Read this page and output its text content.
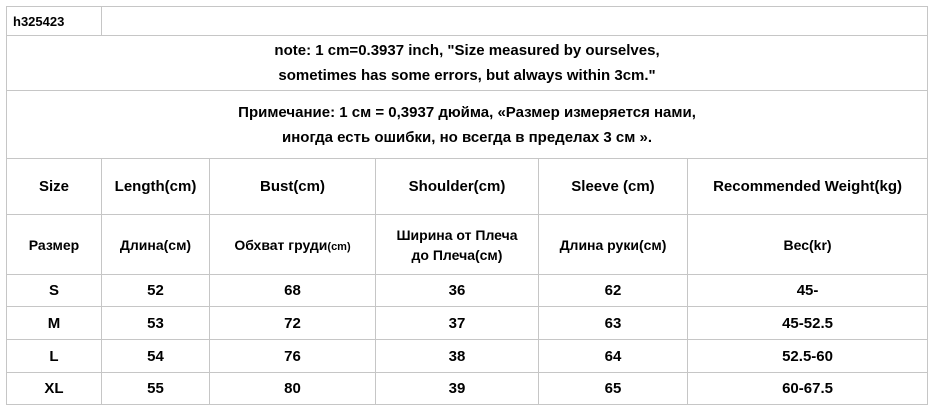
h325423					

note: 1 cm=0.3937 inch, "Size measured by ourselves,
sometimes has some errors, but always within 3cm."					

Примечание: 1 см = 0,3937 дюйма, «Размер измеряется нами,
иногда есть ошибки, но всегда в пределах 3 см ».					

Size	Length(cm)	Bust(cm)	Shoulder(cm)	Sleeve (cm)	Recommended Weight(kg)
Размер	Длина(см)	Обхват груди(cm)	Ширина от Плеча
до Плеча(см)	Длина руки(см)	Вес(kr)
S	52	68	36	62	45-
M	53	72	37	63	45-52.5
L	54	76	38	64	52.5-60
XL	55	80	39	65	60-67.5
